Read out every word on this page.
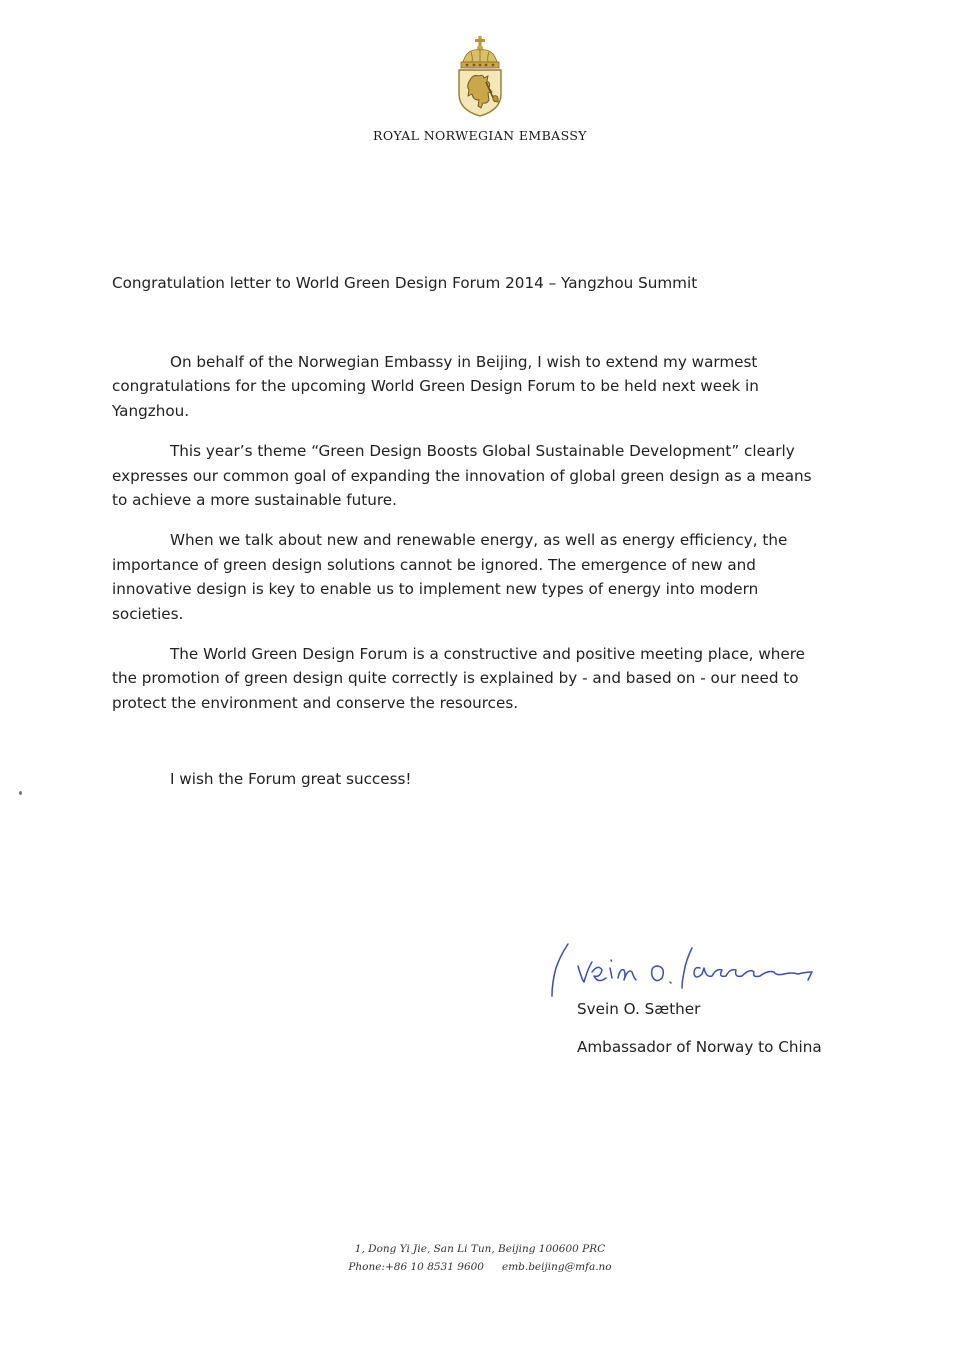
ROYAL NORWEGIAN EMBASSY
Congratulation letter to World Green Design Forum 2014 – Yangzhou Summit

On behalf of the Norwegian Embassy in Beijing, I wish to extend my warmest congratulations for the upcoming World Green Design Forum to be held next week in Yangzhou.

This year’s theme “Green Design Boosts Global Sustainable Development” clearly expresses our common goal of expanding the innovation of global green design as a means to achieve a more sustainable future.

When we talk about new and renewable energy, as well as energy efficiency, the importance of green design solutions cannot be ignored. The emergence of new and innovative design is key to enable us to implement new types of energy into modern societies.

The World Green Design Forum is a constructive and positive meeting place, where the promotion of green design quite correctly is explained by - and based on - our need to protect the environment and conserve the resources.

I wish the Forum great success!
Svein O. Sæther
Ambassador of Norway to China
1, Dong Yi Jie, San Li Tun, Beijing 100600 PRC
Phone:+86 10 8531 9600 emb.beijing@mfa.no
